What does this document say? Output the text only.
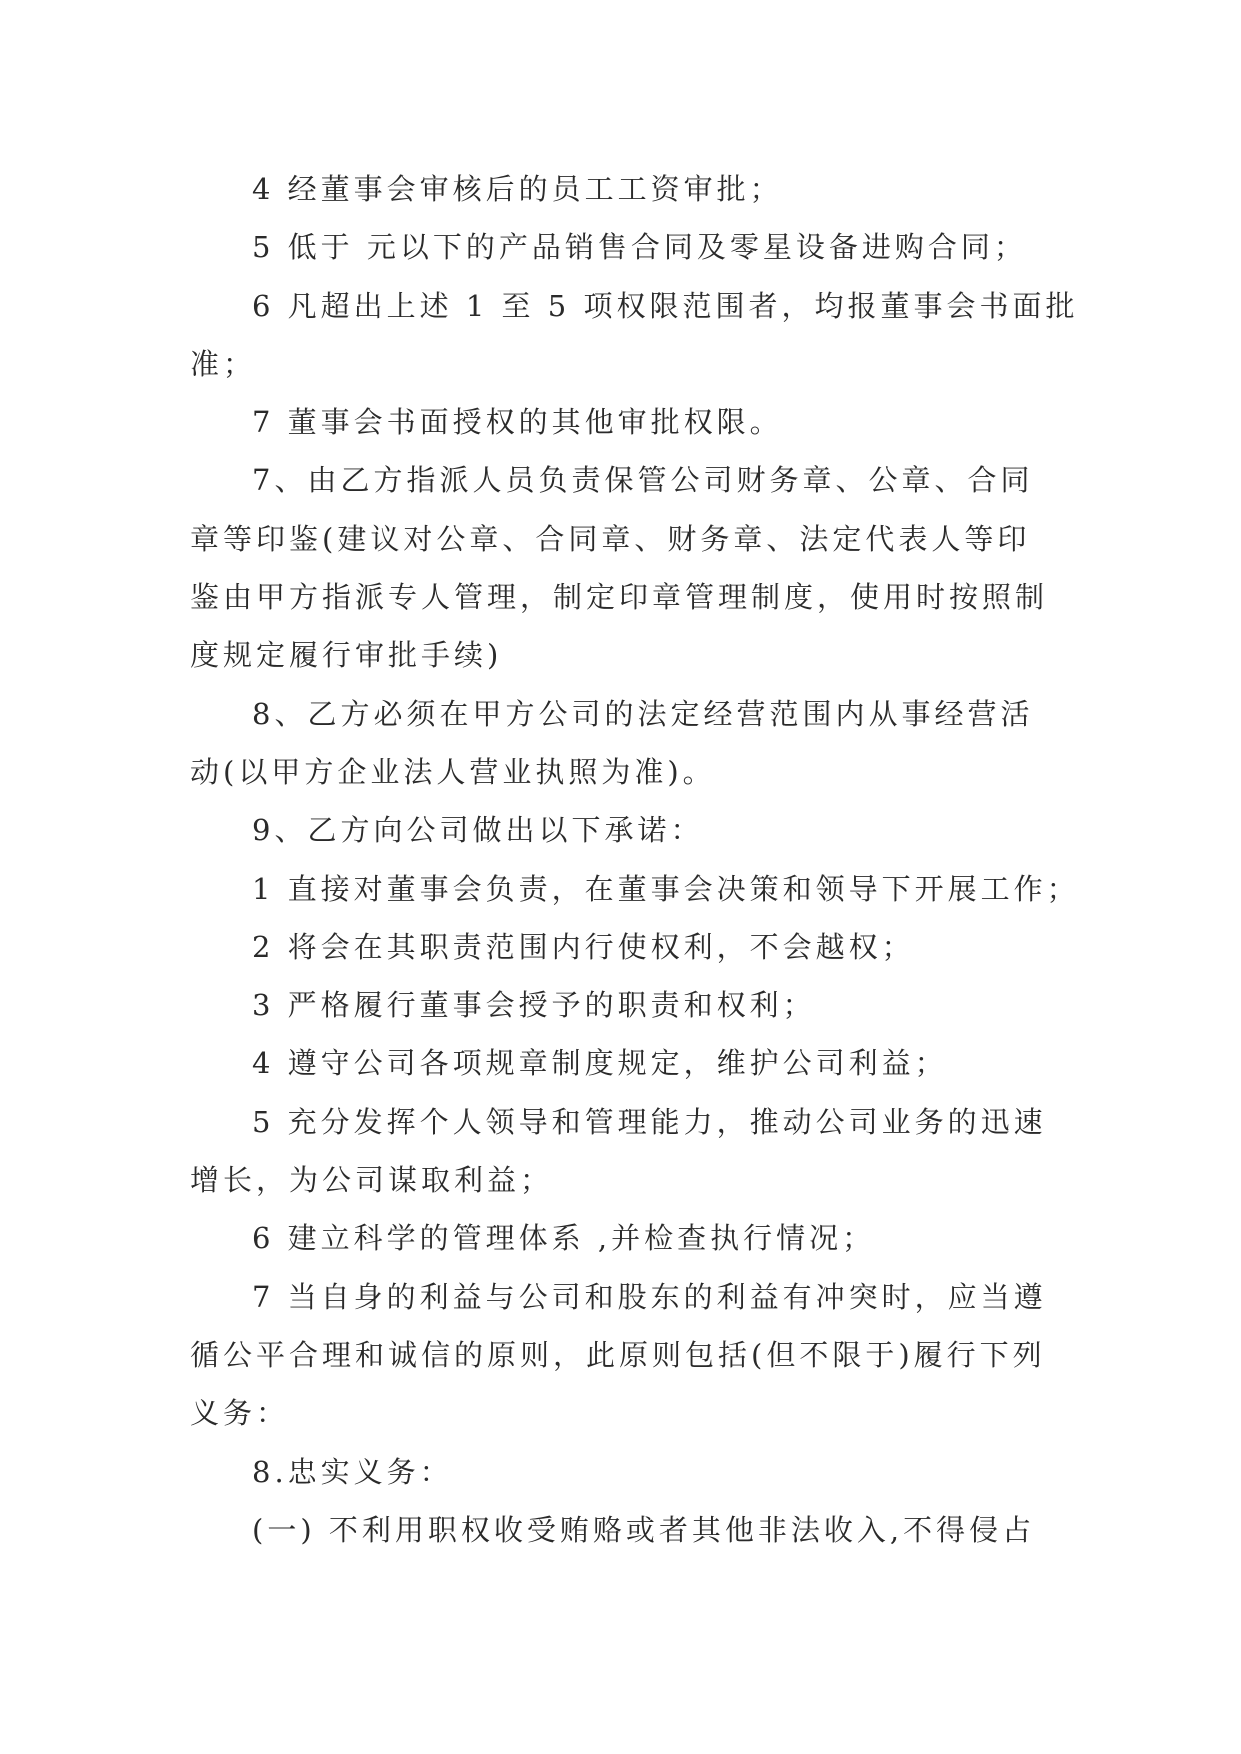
4 经董事会审核后的员工工资审批；
5 低于 元以下的产品销售合同及零星设备进购合同；
6 凡超出上述 1 至 5 项权限范围者，均报董事会书面批
准；
7 董事会书面授权的其他审批权限。
7、由乙方指派人员负责保管公司财务章、公章、合同
章等印鉴(建议对公章、合同章、财务章、法定代表人等印
鉴由甲方指派专人管理，制定印章管理制度，使用时按照制
度规定履行审批手续)
8、乙方必须在甲方公司的法定经营范围内从事经营活
动(以甲方企业法人营业执照为准)。
9、乙方向公司做出以下承诺：
1 直接对董事会负责，在董事会决策和领导下开展工作；
2 将会在其职责范围内行使权利，不会越权；
3 严格履行董事会授予的职责和权利；
4 遵守公司各项规章制度规定，维护公司利益；
5 充分发挥个人领导和管理能力，推动公司业务的迅速
增长，为公司谋取利益；
6 建立科学的管理体系 ,并检查执行情况；
7 当自身的利益与公司和股东的利益有冲突时，应当遵
循公平合理和诚信的原则，此原则包括(但不限于)履行下列
义务：
8.忠实义务：
(一) 不利用职权收受贿赂或者其他非法收入,不得侵占
